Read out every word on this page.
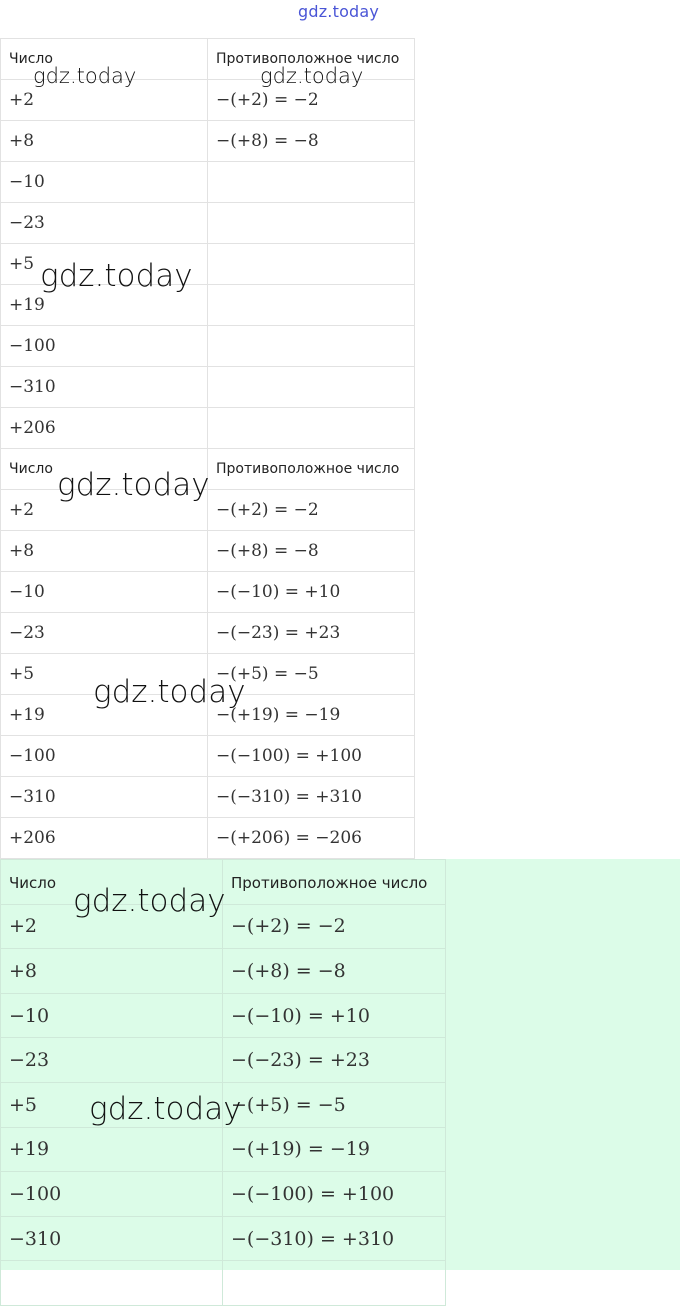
gdz.today
Число	Противоположное число
+2	−(+2) = −2
+8	−(+8) = −8
−10	
−23	
+5	
+19	
−100	
−310	
+206	
Число	Противоположное число
+2	−(+2) = −2
+8	−(+8) = −8
−10	−(−10) = +10
−23	−(−23) = +23
+5	−(+5) = −5
+19	−(+19) = −19
−100	−(−100) = +100
−310	−(−310) = +310
+206	−(+206) = −206
Число	Противоположное число
+2	−(+2) = −2
+8	−(+8) = −8
−10	−(−10) = +10
−23	−(−23) = +23
+5	−(+5) = −5
+19	−(+19) = −19
−100	−(−100) = +100
−310	−(−310) = +310

gdz.today	gdz.today
gdz.today
gdz.today
gdz.today
gdz.today
gdz.today
